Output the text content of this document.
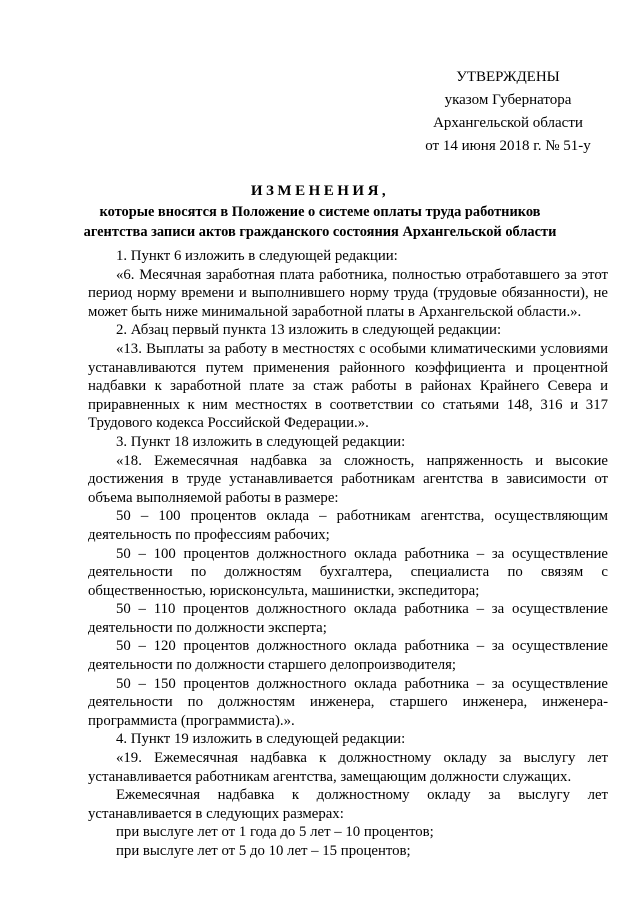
УТВЕРЖДЕНЫ
указом Губернатора
Архангельской области
от 14 июня 2018 г. № 51-у
ИЗМЕНЕНИЯ,
которые вносятся в Положение о системе оплаты труда работников
агентства записи актов гражданского состояния Архангельской области

1. Пункт 6 изложить в следующей редакции:

«6. Месячная заработная плата работника, полностью отработавшего за этот период норму времени и выполнившего норму труда (трудовые обязанности), не может быть ниже минимальной заработной платы в Архангельской области.».

2. Абзац первый пункта 13 изложить в следующей редакции:

«13. Выплаты за работу в местностях с особыми климатическими условиями устанавливаются путем применения районного коэффициента и процентной надбавки к заработной плате за стаж работы в районах Крайнего Севера и приравненных к ним местностях в соответствии со статьями 148, 316 и 317 Трудового кодекса Российской Федерации.».

3. Пункт 18 изложить в следующей редакции:

«18. Ежемесячная надбавка за сложность, напряженность и высокие достижения в труде устанавливается работникам агентства в зависимости от объема выполняемой работы в размере:

50 – 100 процентов оклада – работникам агентства, осуществляющим деятельность по профессиям рабочих;

50 – 100 процентов должностного оклада работника – за осуществление деятельности по должностям бухгалтера, специалиста по связям с общественностью, юрисконсульта, машинистки, экспедитора;

50 – 110 процентов должностного оклада работника – за осуществление деятельности по должности эксперта;

50 – 120 процентов должностного оклада работника – за осуществление деятельности по должности старшего делопроизводителя;

50 – 150 процентов должностного оклада работника – за осуществление деятельности по должностям инженера, старшего инженера, инженера-программиста (программиста).».

4. Пункт 19 изложить в следующей редакции:

«19. Ежемесячная надбавка к должностному окладу за выслугу лет устанавливается работникам агентства, замещающим должности служащих.

Ежемесячная надбавка к должностному окладу за выслугу лет устанавливается в следующих размерах:

при выслуге лет от 1 года до 5 лет – 10 процентов;

при выслуге лет от 5 до 10 лет – 15 процентов;
